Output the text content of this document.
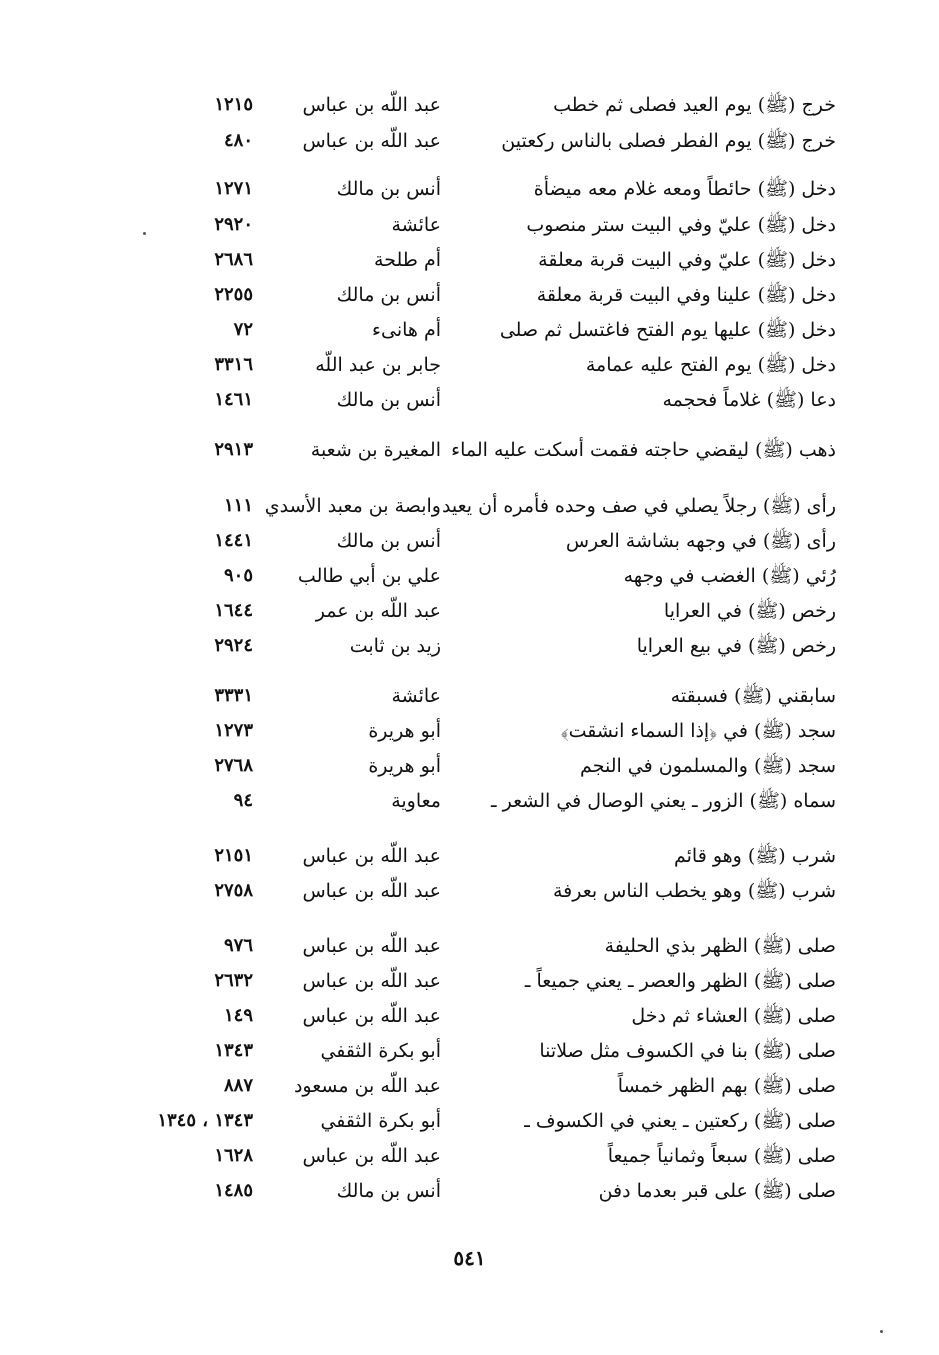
خرج (ﷺ) يوم العيد فصلى ثم خطب
عبد اللّه بن عباس
١٢١٥
خرج (ﷺ) يوم الفطر فصلى بالناس ركعتين
عبد اللّه بن عباس
٤٨٠
دخل (ﷺ) حائطاً ومعه غلام معه ميضأة
أنس بن مالك
١٢٧١
دخل (ﷺ) عليّ وفي البيت ستر منصوب
عائشة
٢٩٢٠
دخل (ﷺ) عليّ وفي البيت قربة معلقة
أم طلحة
٢٦٨٦
دخل (ﷺ) علينا وفي البيت قربة معلقة
أنس بن مالك
٢٢٥٥
دخل (ﷺ) عليها يوم الفتح فاغتسل ثم صلى
أم هانىء
٧٢
دخل (ﷺ) يوم الفتح عليه عمامة
جابر بن عبد اللّه
٣٣١٦
دعا (ﷺ) غلاماً فحجمه
أنس بن مالك
١٤٦١
ذهب (ﷺ) ليقضي حاجته فقمت أسكت عليه الماء
المغيرة بن شعبة
٢٩١٣
رأى (ﷺ) رجلاً يصلي في صف وحده فأمره أن يعيد
وابصة بن معبد الأسدي
١١١
رأى (ﷺ) في وجهه بشاشة العرس
أنس بن مالك
١٤٤١
رُئي (ﷺ) الغضب في وجهه
علي بن أبي طالب
٩٠٥
رخص (ﷺ) في العرايا
عبد اللّه بن عمر
١٦٤٤
رخص (ﷺ) في بيع العرايا
زيد بن ثابت
٢٩٢٤
سابقني (ﷺ) فسبقته
عائشة
٣٣٣١
سجد (ﷺ) في ﴿إذا السماء انشقت﴾
أبو هريرة
١٢٧٣
سجد (ﷺ) والمسلمون في النجم
أبو هريرة
٢٧٦٨
سماه (ﷺ) الزور ـ يعني الوصال في الشعر ـ
معاوية
٩٤
شرب (ﷺ) وهو قائم
عبد اللّه بن عباس
٢١٥١
شرب (ﷺ) وهو يخطب الناس بعرفة
عبد اللّه بن عباس
٢٧٥٨
صلى (ﷺ) الظهر بذي الحليفة
عبد اللّه بن عباس
٩٧٦
صلى (ﷺ) الظهر والعصر ـ يعني جميعاً ـ
عبد اللّه بن عباس
٢٦٣٢
صلى (ﷺ) العشاء ثم دخل
عبد اللّه بن عباس
١٤٩
صلى (ﷺ) بنا في الكسوف مثل صلاتنا
أبو بكرة الثقفي
١٣٤٣
صلى (ﷺ) بهم الظهر خمساً
عبد اللّه بن مسعود
٨٨٧
صلى (ﷺ) ركعتين ـ يعني في الكسوف ـ
أبو بكرة الثقفي
١٣٤٣ ، ١٣٤٥
صلى (ﷺ) سبعاً وثمانياً جميعاً
عبد اللّه بن عباس
١٦٢٨
صلى (ﷺ) على قبر بعدما دفن
أنس بن مالك
١٤٨٥
٥٤١
